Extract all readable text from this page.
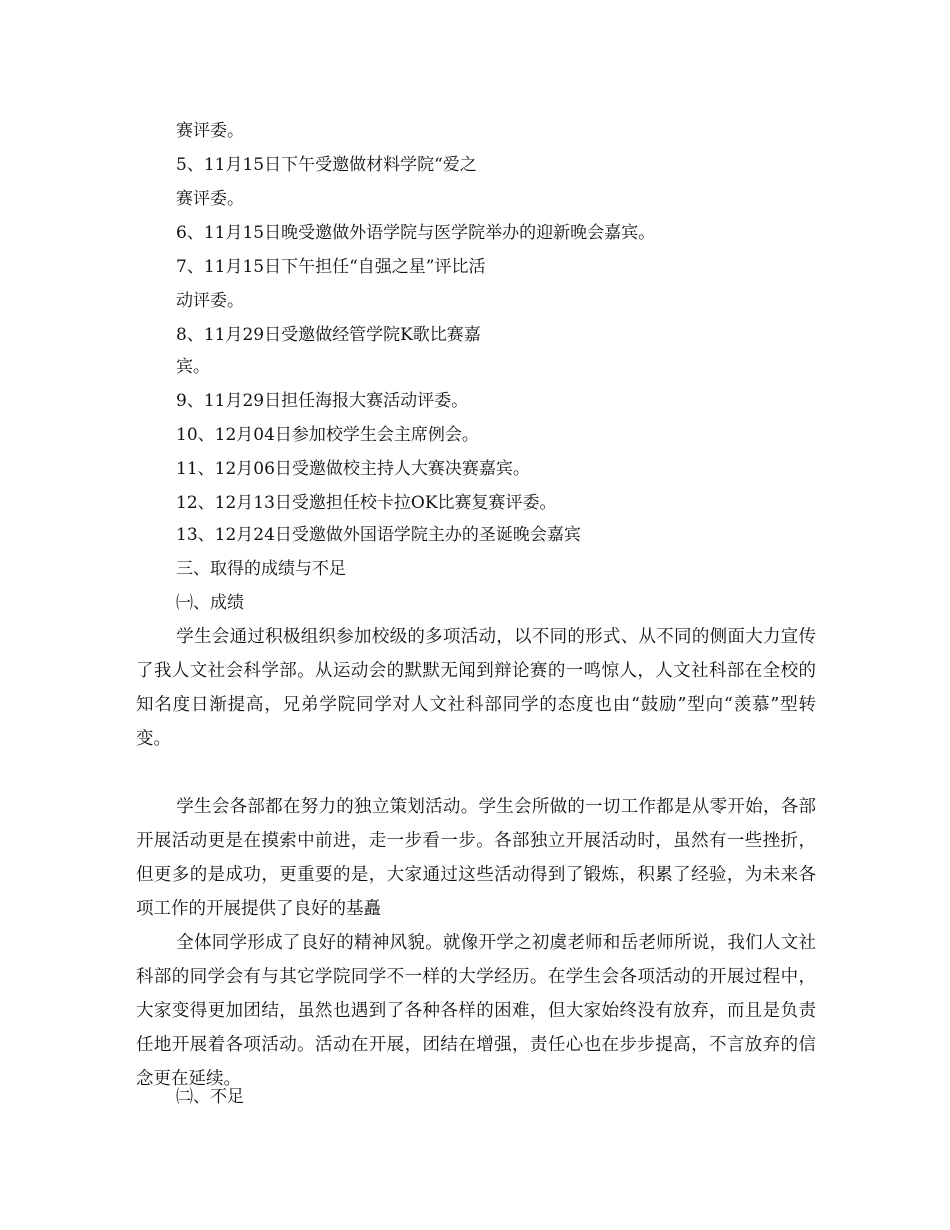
赛评委。
5、11月15日下午受邀做材料学院“爱之
赛评委。
6、11月15日晚受邀做外语学院与医学院举办的迎新晚会嘉宾。
7、11月15日下午担任“自强之星”评比活
动评委。
8、11月29日受邀做经管学院K歌比赛嘉
宾。
9、11月29日担任海报大赛活动评委。
10、12月04日参加校学生会主席例会。
11、12月06日受邀做校主持人大赛决赛嘉宾。
12、12月13日受邀担任校卡拉OK比赛复赛评委。
13、12月24日受邀做外国语学院主办的圣诞晚会嘉宾
三、取得的成绩与不足
㈠、成绩

学生会通过积极组织参加校级的多项活动，以不同的形式、从不同的侧面大力宣传了我人文社会科学部。从运动会的默默无闻到辩论赛的一鸣惊人，人文社科部在全校的知名度日渐提高，兄弟学院同学对人文社科部同学的态度也由“鼓励”型向“羡慕”型转变。

学生会各部都在努力的独立策划活动。学生会所做的一切工作都是从零开始，各部开展活动更是在摸索中前进，走一步看一步。各部独立开展活动时，虽然有一些挫折，但更多的是成功，更重要的是，大家通过这些活动得到了锻炼，积累了经验，为未来各项工作的开展提供了良好的基矗

全体同学形成了良好的精神风貌。就像开学之初虞老师和岳老师所说，我们人文社科部的同学会有与其它学院同学不一样的大学经历。在学生会各项活动的开展过程中，大家变得更加团结，虽然也遇到了各种各样的困难，但大家始终没有放弃，而且是负责任地开展着各项活动。活动在开展，团结在增强，责任心也在步步提高，不言放弃的信念更在延续。

㈡、不足
